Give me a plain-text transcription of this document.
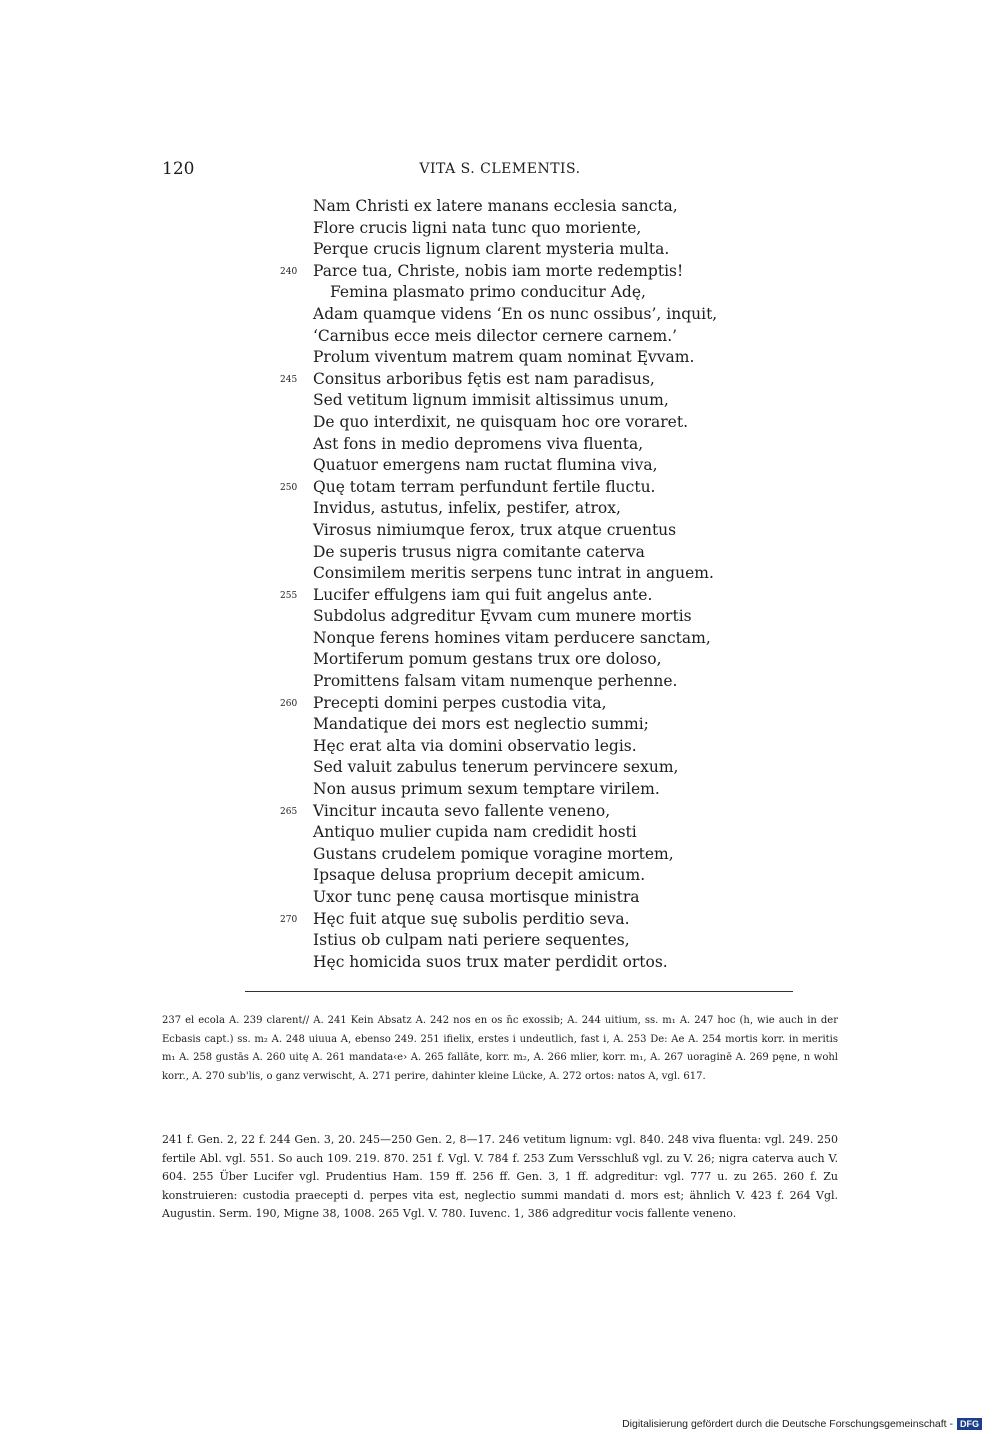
120	VITA S. CLEMENTIS.
Nam Christi ex latere manans ecclesia sancta,
Flore crucis ligni nata tunc quo moriente,
Perque crucis lignum clarent mysteria multa.
240	Parce tua, Christe, nobis iam morte redemptis!
Femina plasmato primo conducitur Adę,
Adam quamque videns ‘En os nunc ossibus’, inquit,
‘Carnibus ecce meis dilector cernere carnem.’
Prolum viventum matrem quam nominat Ęvvam.
245	Consitus arboribus fętis est nam paradisus,
Sed vetitum lignum immisit altissimus unum,
De quo interdixit, ne quisquam hoc ore voraret.
Ast fons in medio depromens viva fluenta,
Quatuor emergens nam ructat flumina viva,
250	Quę totam terram perfundunt fertile fluctu.
Invidus, astutus, infelix, pestifer, atrox,
Virosus nimiumque ferox, trux atque cruentus
De superis trusus nigra comitante caterva
Consimilem meritis serpens tunc intrat in anguem.
255	Lucifer effulgens iam qui fuit angelus ante.
Subdolus adgreditur Ęvvam cum munere mortis
Nonque ferens homines vitam perducere sanctam,
Mortiferum pomum gestans trux ore doloso,
Promittens falsam vitam numenque perhenne.
260	Precepti domini perpes custodia vita,
Mandatique dei mors est neglectio summi;
Hęc erat alta via domini observatio legis.
Sed valuit zabulus tenerum pervincere sexum,
Non ausus primum sexum temptare virilem.
265	Vincitur incauta sevo fallente veneno,
Antiquo mulier cupida nam credidit hosti
Gustans crudelem pomique voragine mortem,
Ipsaque delusa proprium decepit amicum.
Uxor tunc penę causa mortisque ministra
270	Hęc fuit atque suę subolis perditio seva.
Istius ob culpam nati periere sequentes,
Hęc homicida suos trux mater perdidit ortos.

237 el ecola A. 239 clarent// A. 241 Kein Absatz A. 242 nos en os n̄c exossib; A. 244 uitium, ss. m₁ A. 247 hoc (h, wie auch in der Ecbasis capt.) ss. m₂ A. 248 uiuua A, ebenso 249. 251 ifielix, erstes i undeutlich, fast i, A. 253 De: Ae A. 254 mortis korr. in meritis m₁ A. 258 gustās A. 260 uitę A. 261 mandata‹e› A. 265 fallāte, korr. m₂, A. 266 mlier, korr. m₁, A. 267 uoraginē A. 269 pęne, n wohl korr., A. 270 sub'lis, o ganz verwischt, A. 271 perire, dahinter kleine Lücke, A. 272 ortos: natos A, vgl. 617.

241 f. Gen. 2, 22 f. 244 Gen. 3, 20. 245—250 Gen. 2, 8—17. 246 vetitum lignum: vgl. 840. 248 viva fluenta: vgl. 249. 250 fertile Abl. vgl. 551. So auch 109. 219. 870. 251 f. Vgl. V. 784 f. 253 Zum Versschluß vgl. zu V. 26; nigra caterva auch V. 604. 255 Über Lucifer vgl. Prudentius Ham. 159 ff. 256 ff. Gen. 3, 1 ff. adgreditur: vgl. 777 u. zu 265. 260 f. Zu konstruieren: custodia praecepti d. perpes vita est, neglectio summi mandati d. mors est; ähnlich V. 423 f. 264 Vgl. Augustin. Serm. 190, Migne 38, 1008. 265 Vgl. V. 780. Iuvenc. 1, 386 adgreditur vocis fallente veneno.

Digitalisierung gefördert durch die Deutsche Forschungsgemeinschaft - DFG
